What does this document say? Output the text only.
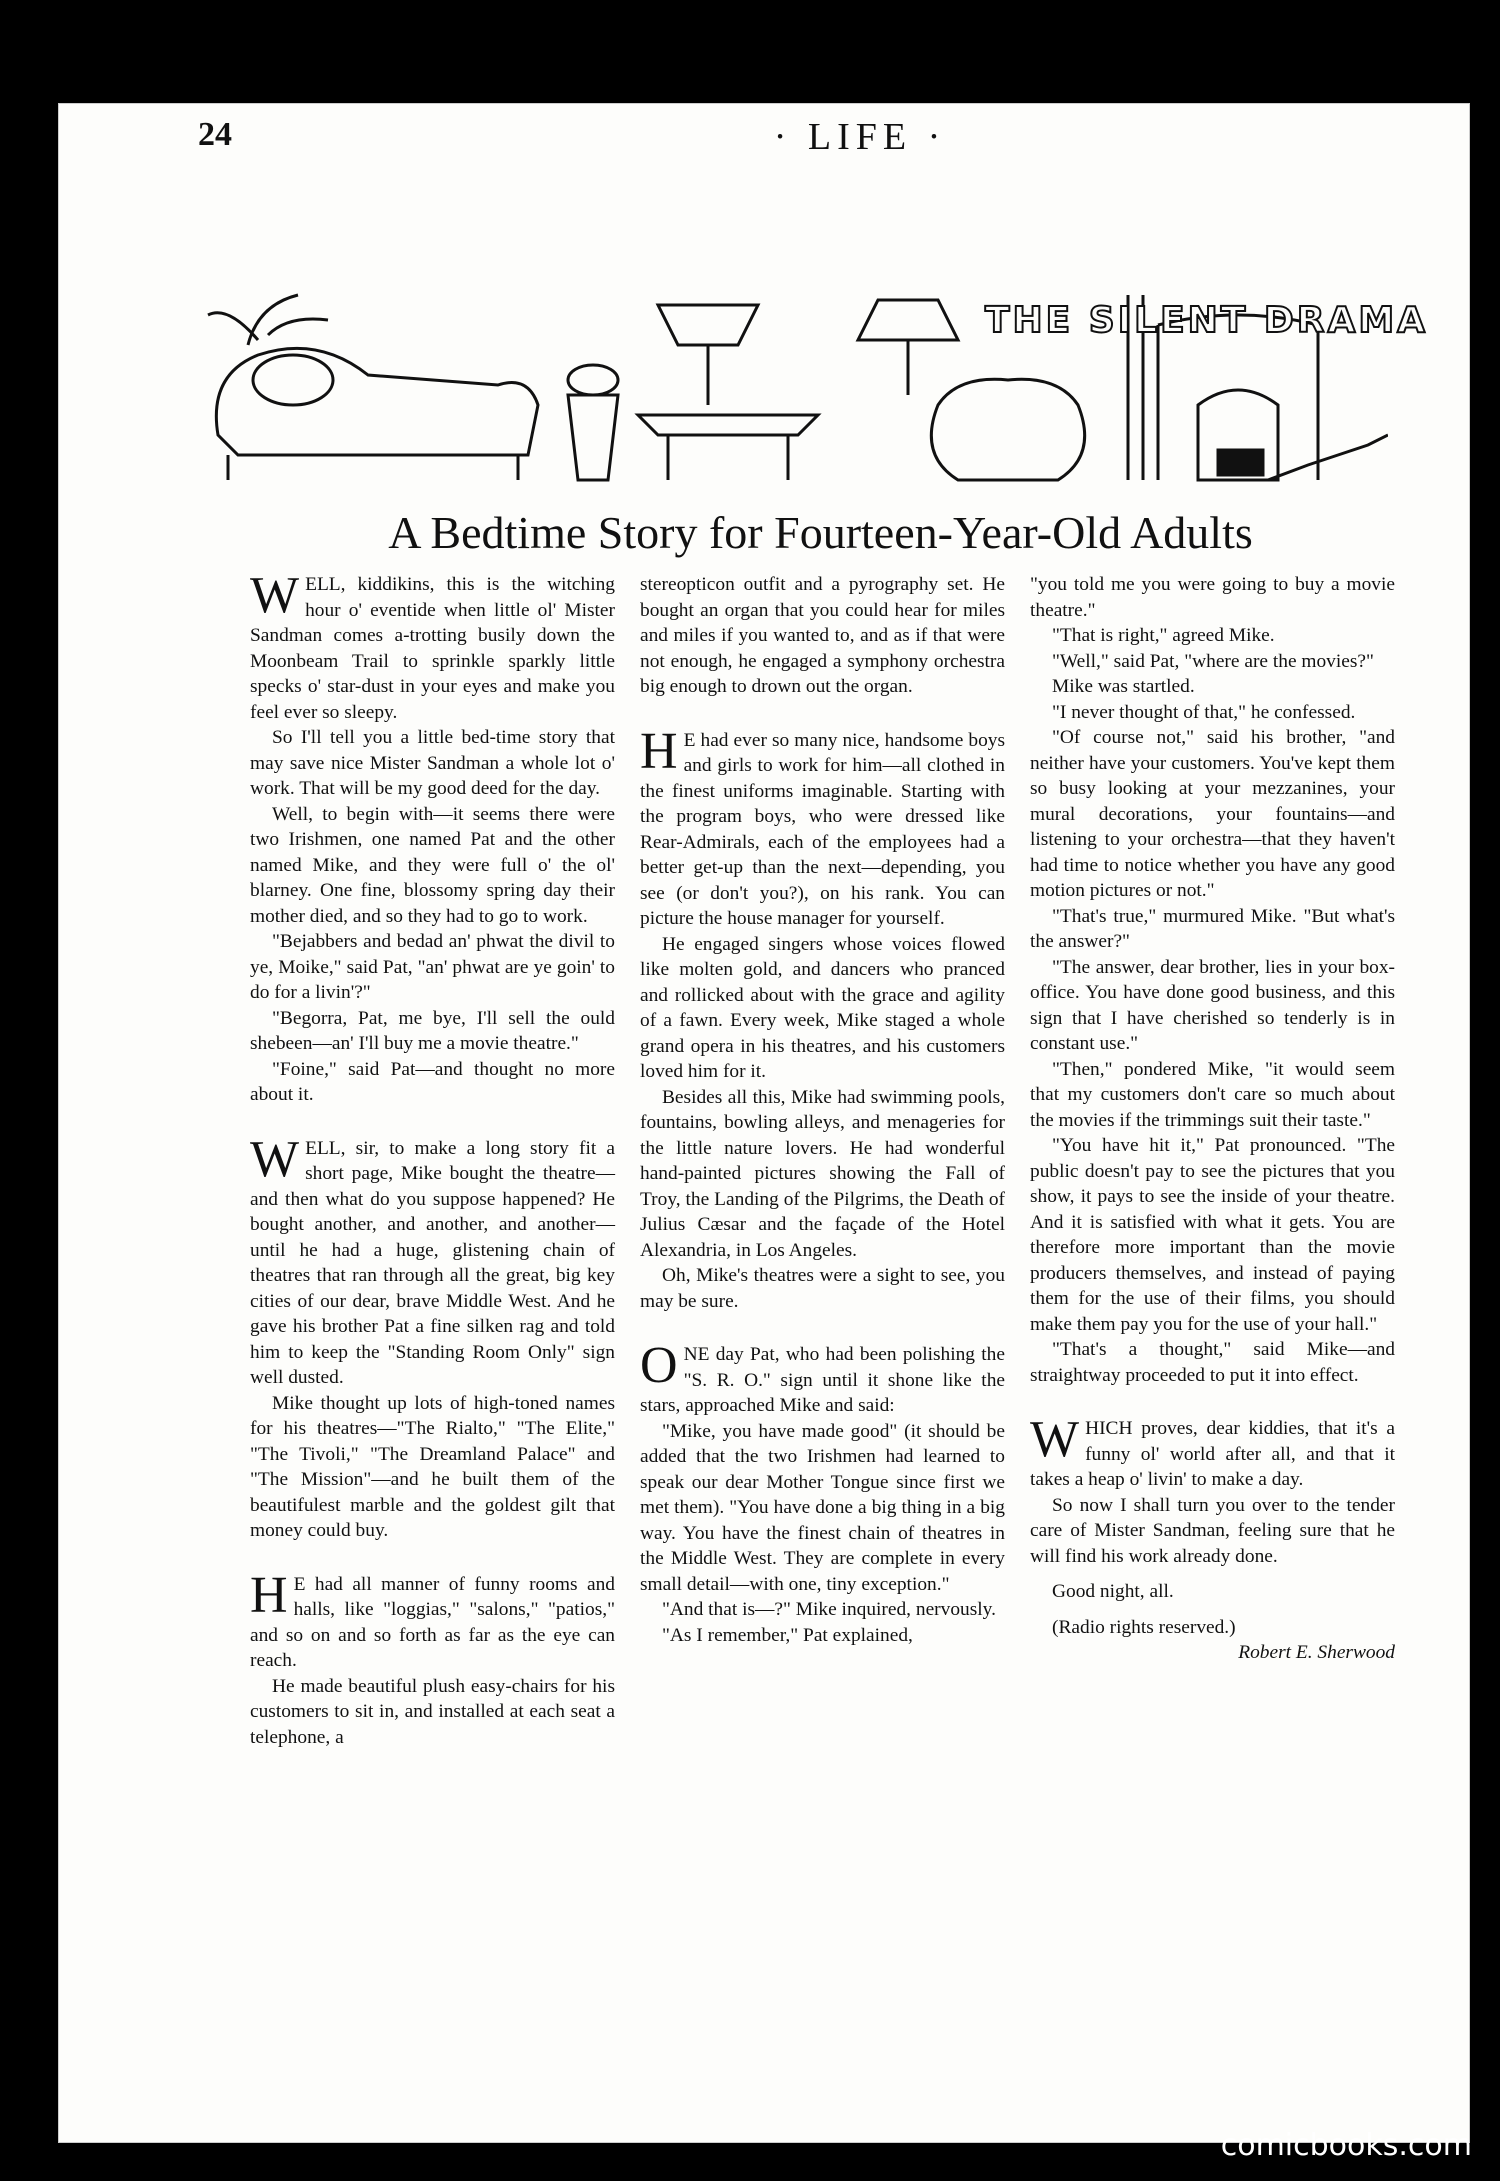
24	· LIFE ·
THE SILENT DRAMA
A Bedtime Story for Fourteen-Year-Old Adults

WELL, kiddikins, this is the witching hour o' eventide when little ol' Mister Sandman comes a-trotting busily down the Moonbeam Trail to sprinkle sparkly little specks o' star-dust in your eyes and make you feel ever so sleepy.

So I'll tell you a little bed-time story that may save nice Mister Sandman a whole lot o' work. That will be my good deed for the day.

Well, to begin with—it seems there were two Irishmen, one named Pat and the other named Mike, and they were full o' the ol' blarney. One fine, blossomy spring day their mother died, and so they had to go to work.

"Bejabbers and bedad an' phwat the divil to ye, Moike," said Pat, "an' phwat are ye goin' to do for a livin'?"

"Begorra, Pat, me bye, I'll sell the ould shebeen—an' I'll buy me a movie theatre."

"Foine," said Pat—and thought no more about it.

WELL, sir, to make a long story fit a short page, Mike bought the theatre—and then what do you suppose happened? He bought another, and another, and another—until he had a huge, glistening chain of theatres that ran through all the great, big key cities of our dear, brave Middle West. And he gave his brother Pat a fine silken rag and told him to keep the "Standing Room Only" sign well dusted.

Mike thought up lots of high-toned names for his theatres—"The Rialto," "The Elite," "The Tivoli," "The Dreamland Palace" and "The Mission"—and he built them of the beautifulest marble and the goldest gilt that money could buy.

H E had all manner of funny rooms and halls, like "loggias," "salons," "patios," and so on and so forth as far as the eye can reach.

He made beautiful plush easy-chairs for his customers to sit in, and installed at each seat a telephone, a

stereopticon outfit and a pyrography set. He bought an organ that you could hear for miles and miles if you wanted to, and as if that were not enough, he engaged a symphony orchestra big enough to drown out the organ.

H E had ever so many nice, handsome boys and girls to work for him—all clothed in the finest uniforms imaginable. Starting with the program boys, who were dressed like Rear-Admirals, each of the employees had a better get-up than the next—depending, you see (or don't you?), on his rank. You can picture the house manager for yourself.

He engaged singers whose voices flowed like molten gold, and dancers who pranced and rollicked about with the grace and agility of a fawn. Every week, Mike staged a whole grand opera in his theatres, and his customers loved him for it.

Besides all this, Mike had swimming pools, fountains, bowling alleys, and menageries for the little nature lovers. He had wonderful hand-painted pictures showing the Fall of Troy, the Landing of the Pilgrims, the Death of Julius Cæsar and the façade of the Hotel Alexandria, in Los Angeles.

Oh, Mike's theatres were a sight to see, you may be sure.

ONE day Pat, who had been polishing the "S. R. O." sign until it shone like the stars, approached Mike and said:

"Mike, you have made good" (it should be added that the two Irishmen had learned to speak our dear Mother Tongue since first we met them). "You have done a big thing in a big way. You have the finest chain of theatres in the Middle West. They are complete in every small detail—with one, tiny exception."

"And that is—?" Mike inquired, nervously.

"As I remember," Pat explained,

"you told me you were going to buy a movie theatre."

"That is right," agreed Mike.

"Well," said Pat, "where are the movies?"

Mike was startled.

"I never thought of that," he confessed.

"Of course not," said his brother, "and neither have your customers. You've kept them so busy looking at your mezzanines, your mural decorations, your fountains—and listening to your orchestra—that they haven't had time to notice whether you have any good motion pictures or not."

"That's true," murmured Mike. "But what's the answer?"

"The answer, dear brother, lies in your box-office. You have done good business, and this sign that I have cherished so tenderly is in constant use."

"Then," pondered Mike, "it would seem that my customers don't care so much about the movies if the trimmings suit their taste."

"You have hit it," Pat pronounced. "The public doesn't pay to see the pictures that you show, it pays to see the inside of your theatre. And it is satisfied with what it gets. You are therefore more important than the movie producers themselves, and instead of paying them for the use of their films, you should make them pay you for the use of your hall."

"That's a thought," said Mike—and straightway proceeded to put it into effect.

WHICH proves, dear kiddies, that it's a funny ol' world after all, and that it takes a heap o' livin' to make a day.

So now I shall turn you over to the tender care of Mister Sandman, feeling sure that he will find his work already done.

Good night, all.

(Radio rights reserved.)

Robert E. Sherwood

comicbooks.com
